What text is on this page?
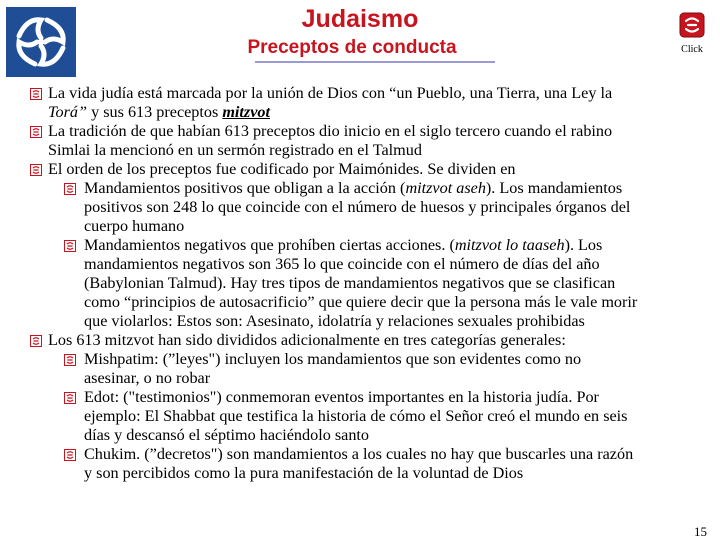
Judaismo
Preceptos de conducta	Click
La vida judía está marcada por la unión de Dios con “un Pueblo, una Tierra, una Ley la
Torá” y sus 613 preceptos mitzvot
La tradición de que habían 613 preceptos dio inicio en el siglo tercero cuando el rabino
Simlai la mencionó en un sermón registrado en el Talmud
El orden de los preceptos fue codificado por Maimónides. Se dividen en
Mandamientos positivos que obligan a la acción (mitzvot aseh). Los mandamientos
positivos son 248 lo que coincide con el número de huesos y principales órganos del
cuerpo humano
Mandamientos negativos que prohíben ciertas acciones. (mitzvot lo taaseh). Los
mandamientos negativos son 365 lo que coincide con el número de días del año
(Babylonian Talmud). Hay tres tipos de mandamientos negativos que se clasifican
como “principios de autosacrificio” que quiere decir que la persona más le vale morir
que violarlos: Estos son: Asesinato, idolatría y relaciones sexuales prohibidas
Los 613 mitzvot han sido divididos adicionalmente en tres categorías generales:
Mishpatim: (”leyes") incluyen los mandamientos que son evidentes como no
asesinar, o no robar
Edot: ("testimonios") conmemoran eventos importantes en la historia judía. Por
ejemplo: El Shabbat que testifica la historia de cómo el Señor creó el mundo en seis
días y descansó el séptimo haciéndolo santo
Chukim. (”decretos") son mandamientos a los cuales no hay que buscarles una razón
y son percibidos como la pura manifestación de la voluntad de Dios
15
